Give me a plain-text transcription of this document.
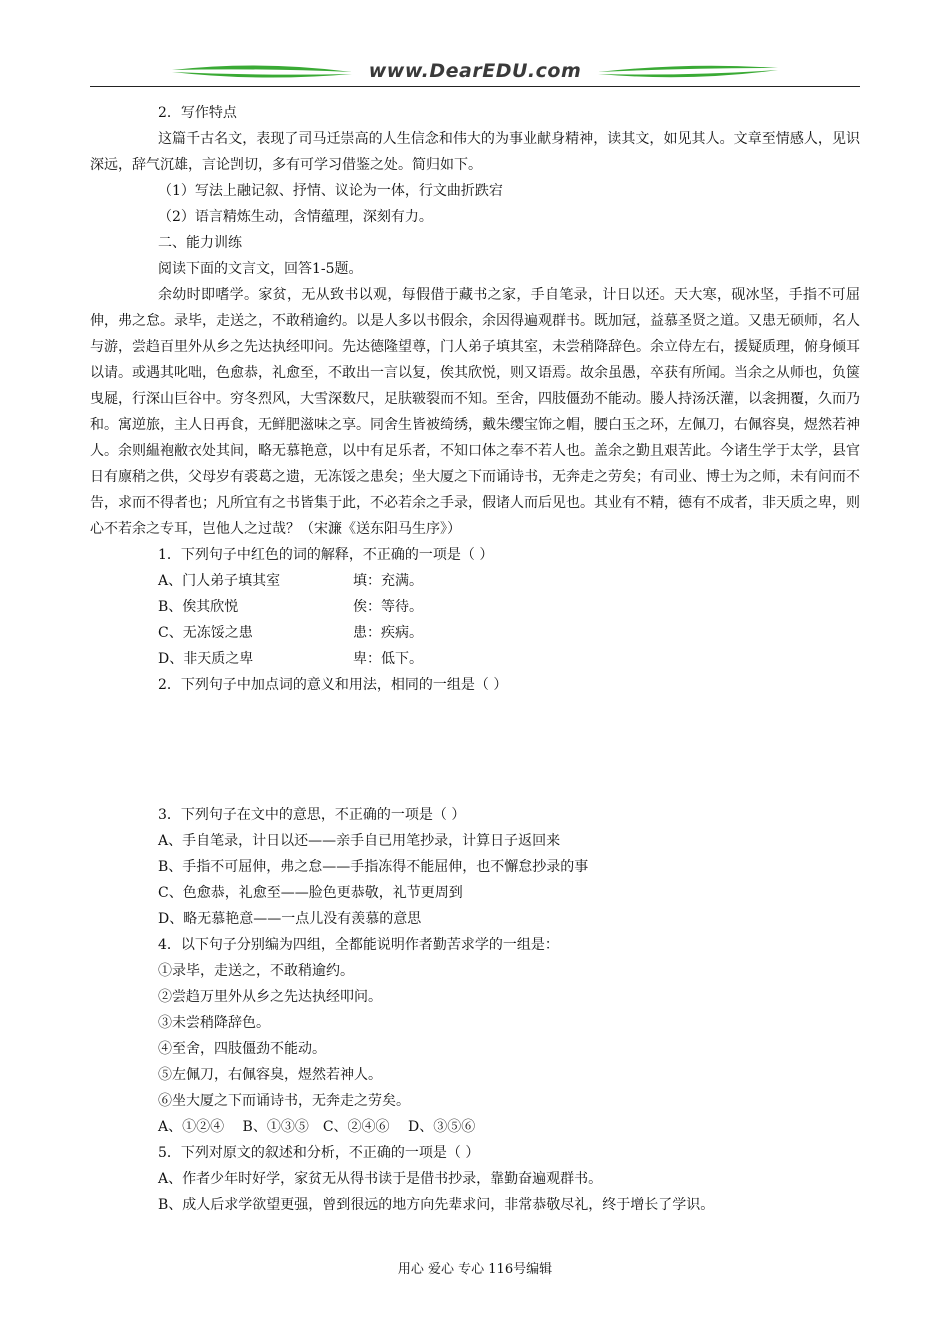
www.DearEDU.com
2．写作特点
这篇千古名文，表现了司马迁崇高的人生信念和伟大的为事业献身精神，读其文，如见其人。文章至情感人，见识深远，辞气沉雄，言论剀切，多有可学习借鉴之处。简归如下。
（1）写法上融记叙、抒情、议论为一体，行文曲折跌宕
（2）语言精炼生动，含情蕴理，深刻有力。
二、能力训练
阅读下面的文言文，回答1-5题。
余幼时即嗜学。家贫，无从致书以观，每假借于藏书之家，手自笔录，计日以还。天大寒，砚冰坚，手指不可屈伸，弗之怠。录毕，走送之，不敢稍逾约。以是人多以书假余，余因得遍观群书。既加冠，益慕圣贤之道。又患无硕师，名人与游，尝趋百里外从乡之先达执经叩问。先达德隆望尊，门人弟子填其室，未尝稍降辞色。余立侍左右，援疑质理，俯身倾耳以请。或遇其叱咄，色愈恭，礼愈至，不敢出一言以复，俟其欣悦，则又语焉。故余虽愚，卒获有所闻。当余之从师也，负箧曳屣，行深山巨谷中。穷冬烈风，大雪深数尺，足肤皲裂而不知。至舍，四肢僵劲不能动。媵人持汤沃灌，以衾拥覆，久而乃和。寓逆旅，主人日再食，无鲜肥滋味之享。同舍生皆被绮绣，戴朱缨宝饰之帽，腰白玉之环，左佩刀，右佩容臭，煜然若神人。余则緼袍敝衣处其间，略无慕艳意，以中有足乐者，不知口体之奉不若人也。盖余之勤且艰苦此。今诸生学于太学，县官日有廪稍之供，父母岁有裘葛之遗，无冻馁之患矣；坐大厦之下而诵诗书，无奔走之劳矣；有司业、博士为之师，未有问而不告，求而不得者也；凡所宜有之书皆集于此，不必若余之手录，假诸人而后见也。其业有不精，德有不成者，非天质之卑，则心不若余之专耳，岂他人之过哉？（宋濂《送东阳马生序》）
1．下列句子中红色的词的解释，不正确的一项是（ ）
A、门人弟子填其室	填：充满。
B、俟其欣悦	俟：等待。
C、无冻馁之患	患：疾病。
D、非天质之卑	卑：低下。
2．下列句子中加点词的意义和用法，相同的一组是（ ）
3．下列句子在文中的意思，不正确的一项是（ ）
A、手自笔录，计日以还——亲手自已用笔抄录，计算日子返回来
B、手指不可屈伸，弗之怠——手指冻得不能屈伸，也不懈怠抄录的事
C、色愈恭，礼愈至——脸色更恭敬，礼节更周到
D、略无慕艳意——一点儿没有羡慕的意思
4．以下句子分别编为四组，全都能说明作者勤苦求学的一组是：
①录毕，走送之，不敢稍逾约。
②尝趋万里外从乡之先达执经叩问。
③未尝稍降辞色。
④至舍，四肢僵劲不能动。
⑤左佩刀，右佩容臭，煜然若神人。
⑥坐大厦之下而诵诗书，无奔走之劳矣。
A、①②④　 B、①③⑤　C、②④⑥　 D、③⑤⑥
5．下列对原文的叙述和分析，不正确的一项是（ ）
A、作者少年时好学，家贫无从得书读于是借书抄录，靠勤奋遍观群书。
B、成人后求学欲望更强，曾到很远的地方向先辈求问，非常恭敬尽礼，终于增长了学识。
用心 爱心 专心 116号编辑
